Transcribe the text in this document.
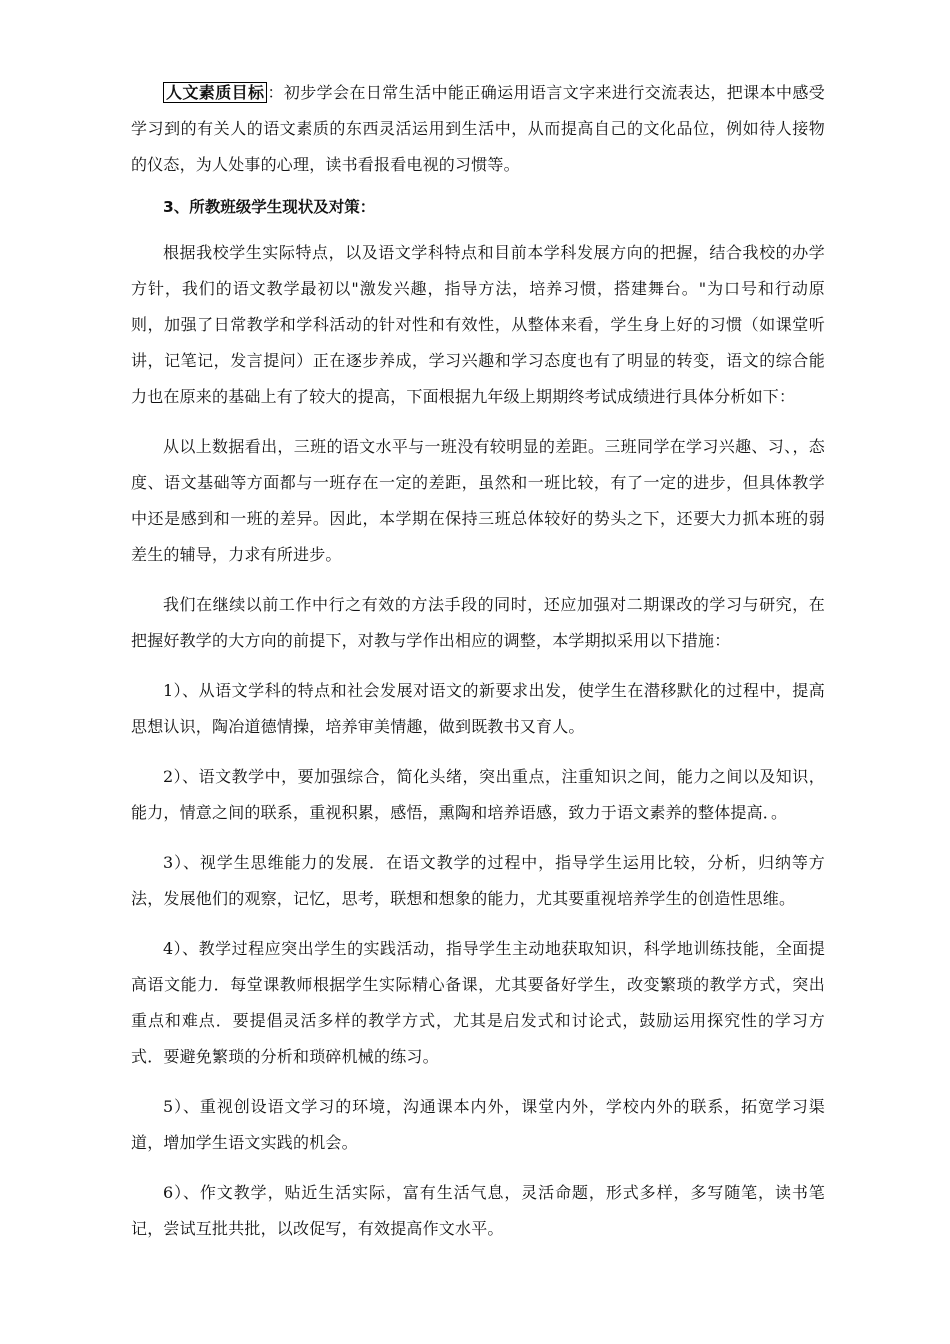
人文素质目标 ：初步学会在日常生活中能正确运用语言文字来进行交流表达，把课本中感受学习到的有关人的语文素质的东西灵活运用到生活中，从而提高自己的文化品位，例如待人接物的仪态，为人处事的心理，读书看报看电视的习惯等。

3、所教班级学生现状及对策：

根据我校学生实际特点，以及语文学科特点和目前本学科发展方向的把握，结合我校的办学方针，我们的语文教学最初以"激发兴趣，指导方法，培养习惯，搭建舞台。"为口号和行动原则，加强了日常教学和学科活动的针对性和有效性，从整体来看，学生身上好的习惯（如课堂听讲，记笔记，发言提问）正在逐步养成，学习兴趣和学习态度也有了明显的转变，语文的综合能力也在原来的基础上有了较大的提高，下面根据九年级上期期终考试成绩进行具体分析如下：

从以上数据看出，三班的语文水平与一班没有较明显的差距。三班同学在学习兴趣、习、，态度、语文基础等方面都与一班存在一定的差距，虽然和一班比较，有了一定的进步，但具体教学中还是感到和一班的差异。因此，本学期在保持三班总体较好的势头之下，还要大力抓本班的弱差生的辅导，力求有所进步。

我们在继续以前工作中行之有效的方法手段的同时，还应加强对二期课改的学习与研究，在把握好教学的大方向的前提下，对教与学作出相应的调整，本学期拟采用以下措施：

1）、从语文学科的特点和社会发展对语文的新要求出发，使学生在潜移默化的过程中，提高思想认识，陶冶道德情操，培养审美情趣，做到既教书又育人。

2）、语文教学中，要加强综合，简化头绪，突出重点，注重知识之间，能力之间以及知识，能力，情意之间的联系，重视积累，感悟，熏陶和培养语感，致力于语文素养的整体提高．。

3）、视学生思维能力的发展．在语文教学的过程中，指导学生运用比较，分析，归纳等方法，发展他们的观察，记忆，思考，联想和想象的能力，尤其要重视培养学生的创造性思维。

4）、教学过程应突出学生的实践活动，指导学生主动地获取知识，科学地训练技能，全面提高语文能力．每堂课教师根据学生实际精心备课，尤其要备好学生，改变繁琐的教学方式，突出重点和难点．要提倡灵活多样的教学方式，尤其是启发式和讨论式，鼓励运用探究性的学习方式．要避免繁琐的分析和琐碎机械的练习。

5）、重视创设语文学习的环境，沟通课本内外，课堂内外，学校内外的联系，拓宽学习渠道，增加学生语文实践的机会。

6）、作文教学，贴近生活实际，富有生活气息，灵活命题，形式多样，多写随笔，读书笔记，尝试互批共批，以改促写，有效提高作文水平。
